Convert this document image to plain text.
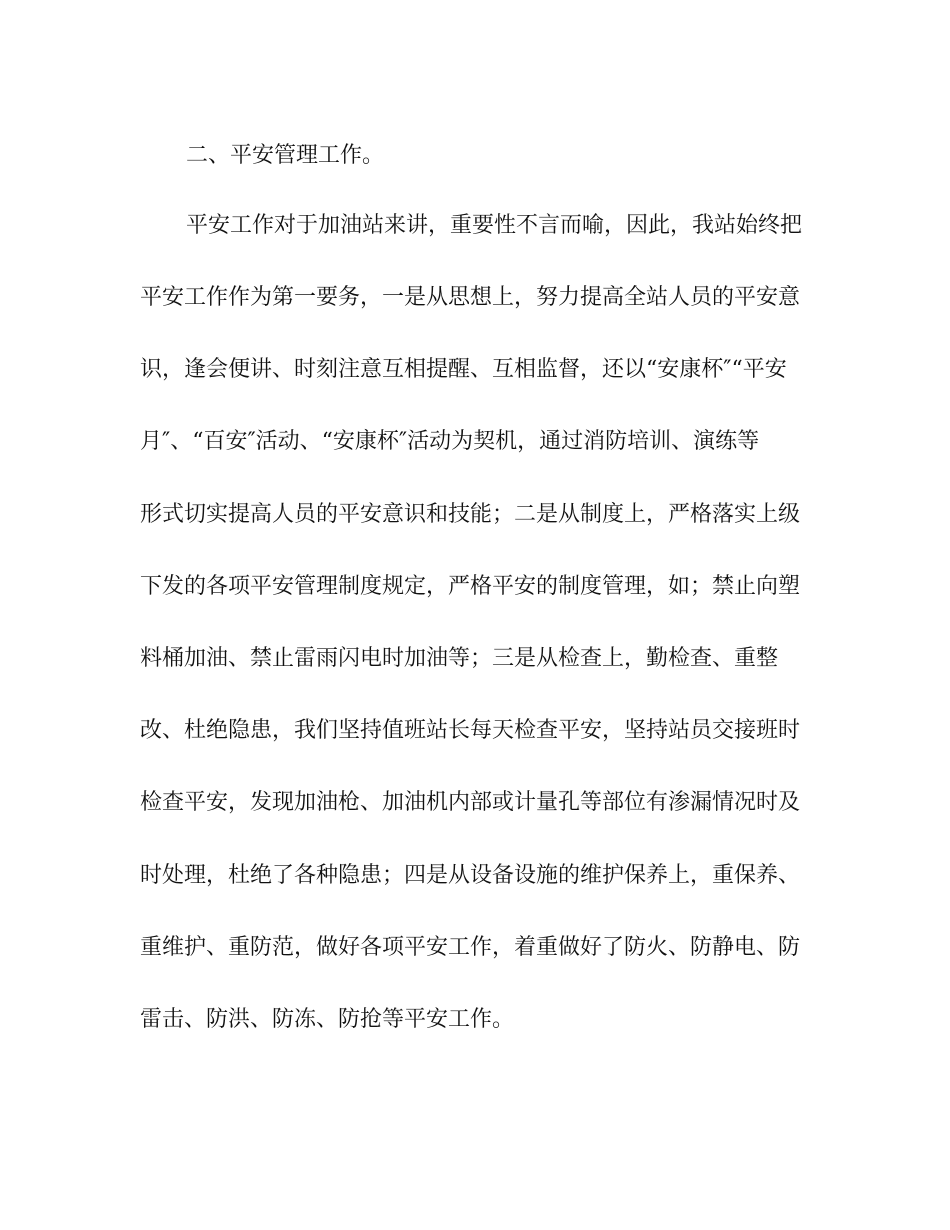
二、平安管理工作。
平安工作对于加油站来讲，重要性不言而喻，因此，我站始终把
平安工作作为第一要务，一是从思想上，努力提高全站人员的平安意
识，逢会便讲、时刻注意互相提醒、互相监督，还以“安康杯″“平安
月″、“百安″活动、“安康杯″活动为契机，通过消防培训、演练等
形式切实提高人员的平安意识和技能；二是从制度上，严格落实上级
下发的各项平安管理制度规定，严格平安的制度管理，如；禁止向塑
料桶加油、禁止雷雨闪电时加油等；三是从检查上，勤检查、重整
改、杜绝隐患，我们坚持值班站长每天检查平安，坚持站员交接班时
检查平安，发现加油枪、加油机内部或计量孔等部位有渗漏情况时及
时处理，杜绝了各种隐患；四是从设备设施的维护保养上，重保养、
重维护、重防范，做好各项平安工作，着重做好了防火、防静电、防
雷击、防洪、防冻、防抢等平安工作。
